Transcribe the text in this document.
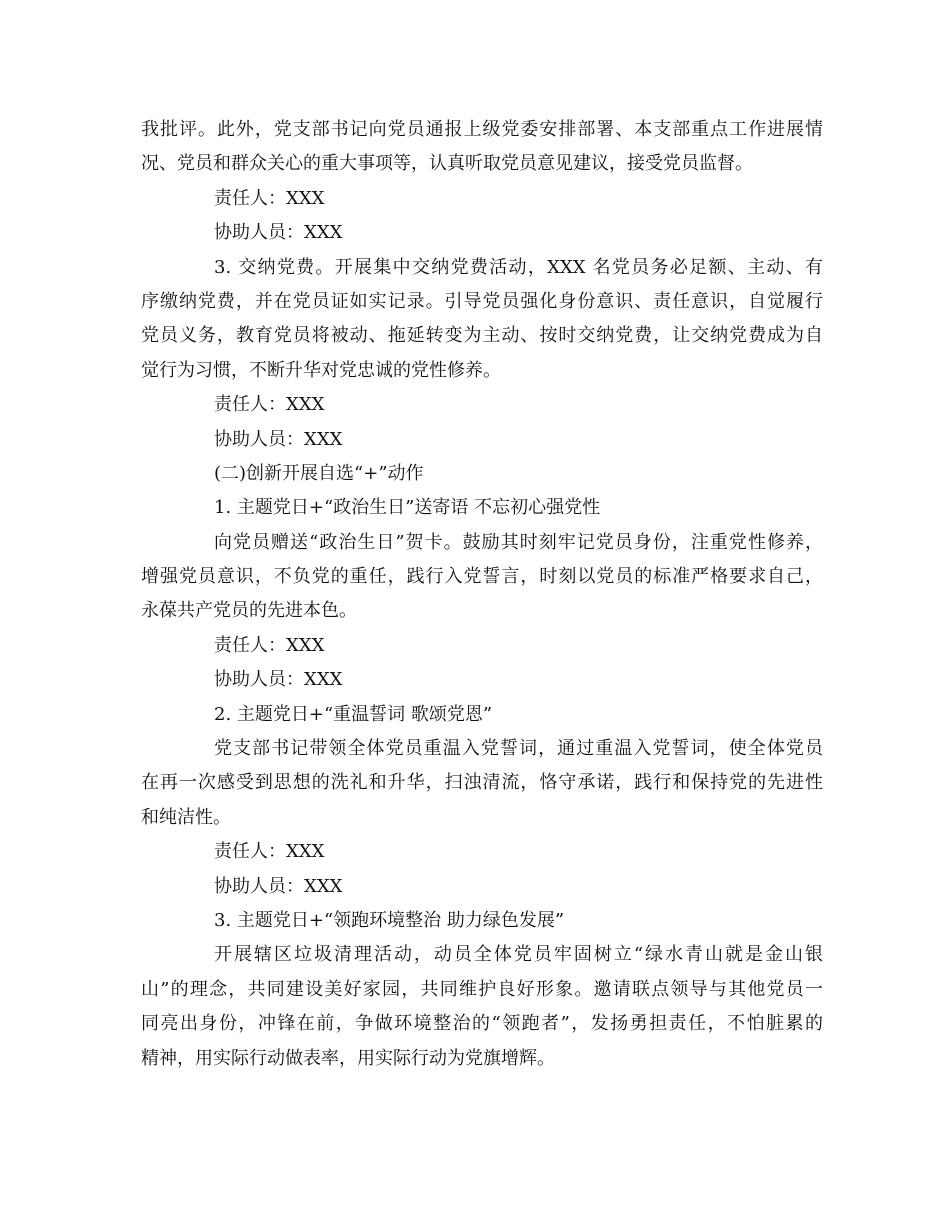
我批评。此外，党支部书记向党员通报上级党委安排部署、本支部重点工作进展情
况、党员和群众关心的重大事项等，认真听取党员意见建议，接受党员监督。
责任人：XXX
协助人员：XXX
3. 交纳党费。开展集中交纳党费活动，XXX 名党员务必足额、主动、有
序缴纳党费，并在党员证如实记录。引导党员强化身份意识、责任意识，自觉履行
党员义务，教育党员将被动、拖延转变为主动、按时交纳党费，让交纳党费成为自
觉行为习惯，不断升华对党忠诚的党性修养。
责任人：XXX
协助人员：XXX
(二)创新开展自选“+”动作
1. 主题党日+“政治生日”送寄语 不忘初心强党性
向党员赠送“政治生日”贺卡。鼓励其时刻牢记党员身份，注重党性修养，
增强党员意识，不负党的重任，践行入党誓言，时刻以党员的标准严格要求自己，
永葆共产党员的先进本色。
责任人：XXX
协助人员：XXX
2. 主题党日+“重温誓词 歌颂党恩”
党支部书记带领全体党员重温入党誓词，通过重温入党誓词，使全体党员
在再一次感受到思想的洗礼和升华，扫浊清流，恪守承诺，践行和保持党的先进性
和纯洁性。
责任人：XXX
协助人员：XXX
3. 主题党日+“领跑环境整治 助力绿色发展”
开展辖区垃圾清理活动，动员全体党员牢固树立“绿水青山就是金山银
山”的理念，共同建设美好家园，共同维护良好形象。邀请联点领导与其他党员一
同亮出身份，冲锋在前，争做环境整治的“领跑者”，发扬勇担责任，不怕脏累的
精神，用实际行动做表率，用实际行动为党旗增辉。
